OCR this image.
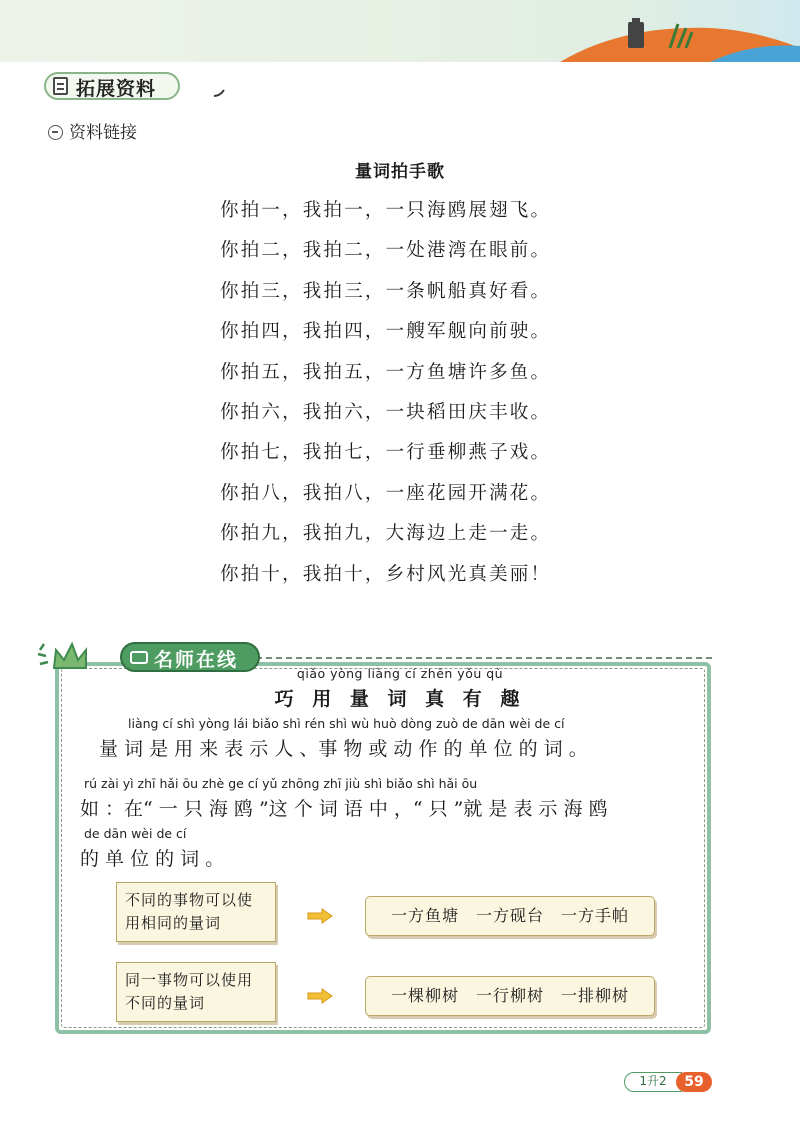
拓展资料
资料链接
量词拍手歌
你拍一，我拍一，一只海鸥展翅飞。
你拍二，我拍二，一处港湾在眼前。
你拍三，我拍三，一条帆船真好看。
你拍四，我拍四，一艘军舰向前驶。
你拍五，我拍五，一方鱼塘许多鱼。
你拍六，我拍六，一块稻田庆丰收。
你拍七，我拍七，一行垂柳燕子戏。
你拍八，我拍八，一座花园开满花。
你拍九，我拍九，大海边上走一走。
你拍十，我拍十，乡村风光真美丽！
名师在线
qiǎo yòng liàng cí zhēn yǒu qù
巧 用 量 词 真 有 趣
liàng cí shì yòng lái biǎo shì rén shì wù huò dòng zuò de dān wèi de cí
　量 词 是 用 来 表 示 人 、事 物 或 动 作 的 单 位 的 词 。
rú zài yì zhī hǎi ōu zhè ge cí yǔ zhōng zhī jiù shì biǎo shì hǎi ōu
如 ：在“ 一 只 海 鸥 ”这 个 词 语 中 ，“ 只 ”就 是 表 示 海 鸥
de dān wèi de cí
的 单 位 的 词 。
不同的事物可以使用相同的量词	一方鱼塘　一方砚台　一方手帕
同一事物可以使用不同的量词	一棵柳树　一行柳树　一排柳树
1升2	59
